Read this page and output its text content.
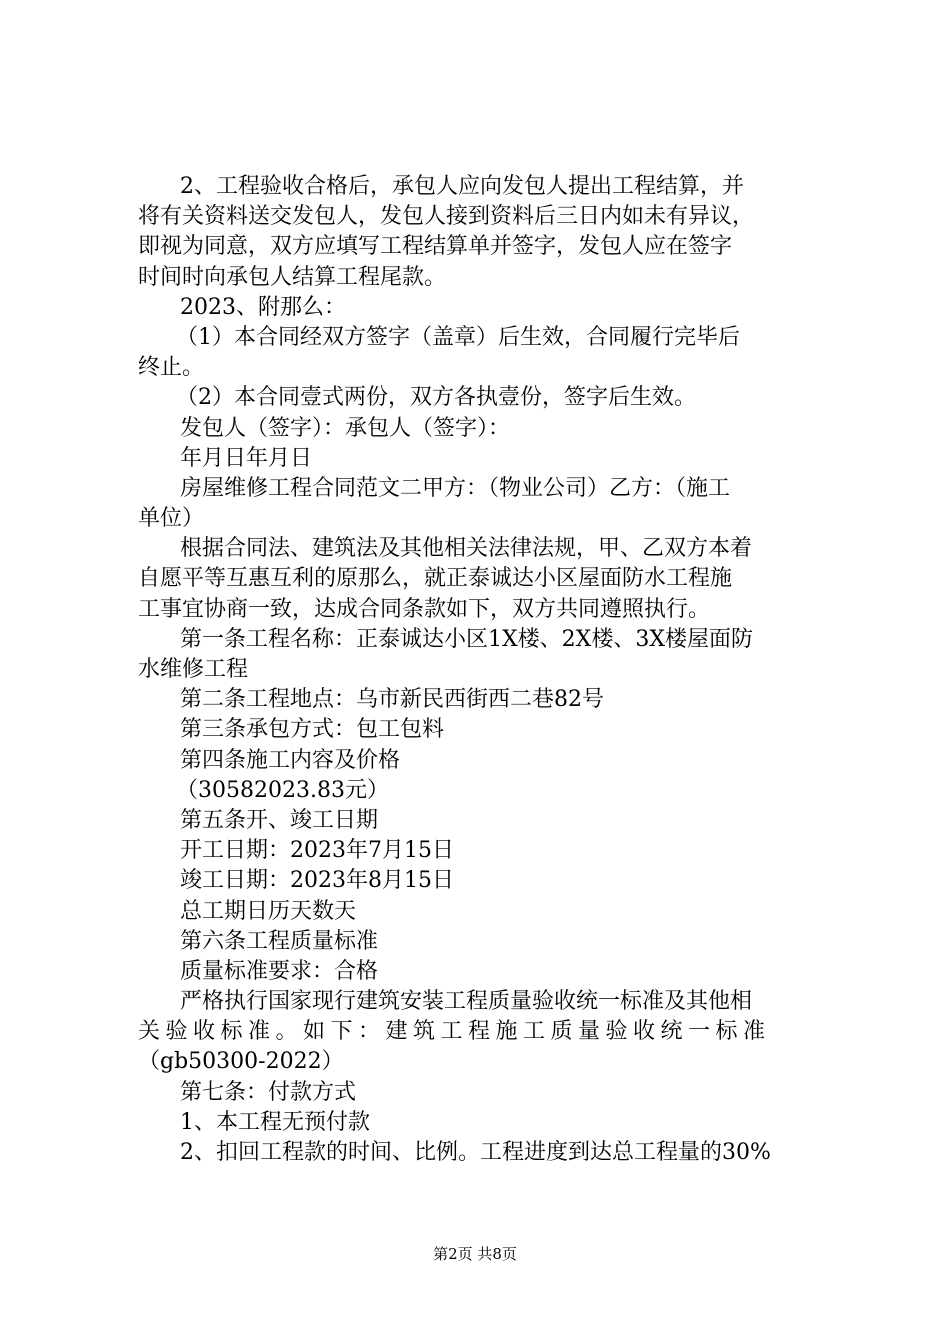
2、工程验收合格后，承包人应向发包人提出工程结算，并
将有关资料送交发包人，发包人接到资料后三日内如未有异议，
即视为同意，双方应填写工程结算单并签字，发包人应在签字
时间时向承包人结算工程尾款。
2023、附那么：
（1）本合同经双方签字（盖章）后生效，合同履行完毕后
终止。
（2）本合同壹式两份，双方各执壹份，签字后生效。
发包人（签字）：承包人（签字）：
年月日年月日
房屋维修工程合同范文二甲方：（物业公司）乙方：（施工
单位）
根据合同法、建筑法及其他相关法律法规，甲、乙双方本着
自愿平等互惠互利的原那么，就正泰诚达小区屋面防水工程施
工事宜协商一致，达成合同条款如下，双方共同遵照执行。
第一条工程名称：正泰诚达小区1X楼、2X楼、3X楼屋面防
水维修工程
第二条工程地点：乌市新民西街西二巷82号
第三条承包方式：包工包料
第四条施工内容及价格
（30582023.83元）
第五条开、竣工日期
开工日期：2023年7月15日
竣工日期：2023年8月15日
总工期日历天数天
第六条工程质量标准
质量标准要求：合格
严格执行国家现行建筑安装工程质量验收统一标准及其他相
关验收标准。如下：建筑工程施工质量验收统一标准
（gb50300-2022）
第七条：付款方式
1、本工程无预付款
2、扣回工程款的时间、比例。工程进度到达总工程量的30%
第2页 共8页
